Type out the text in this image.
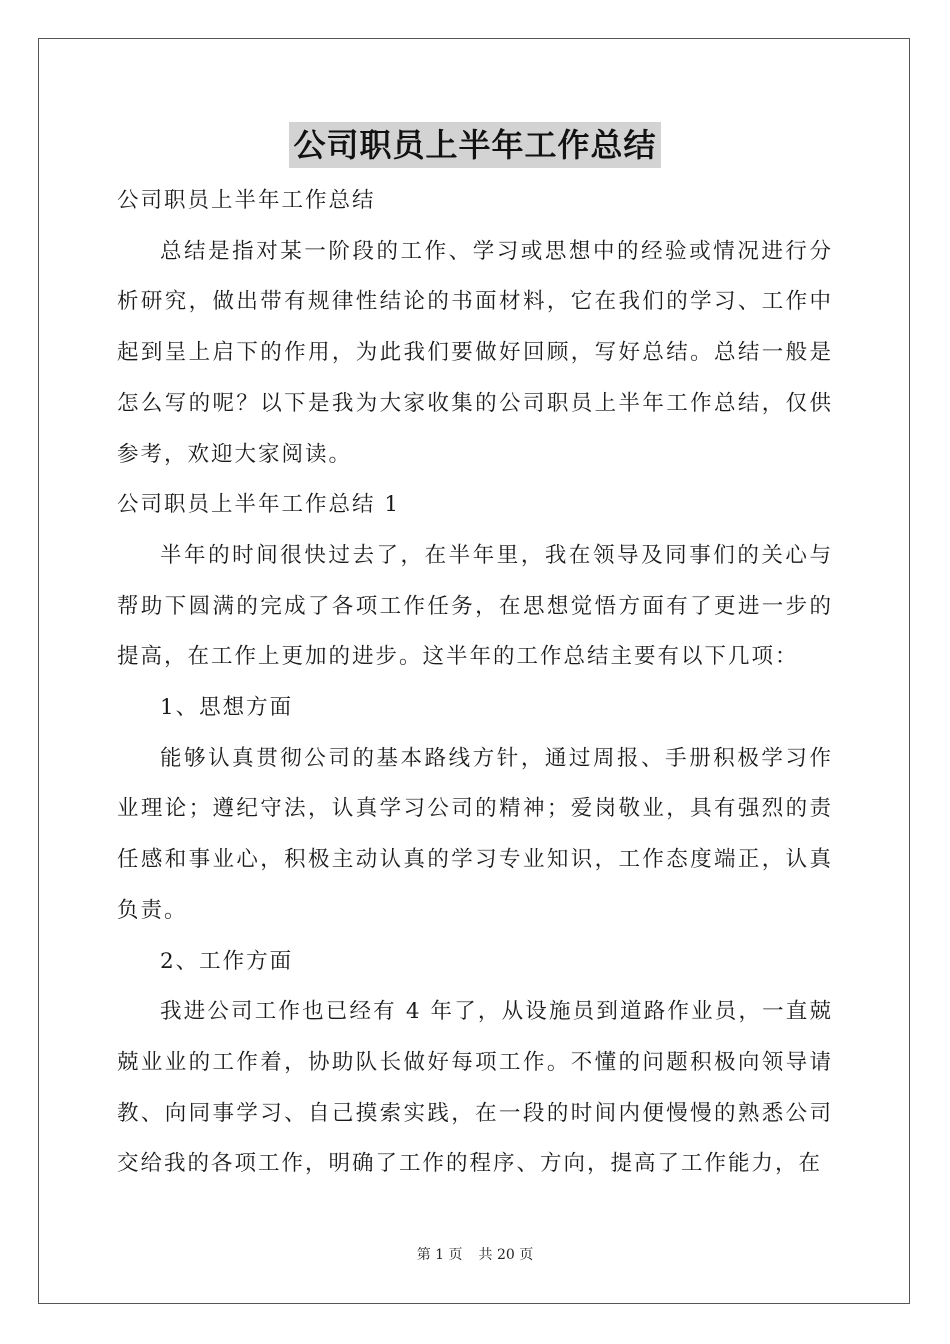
公司职员上半年工作总结

公司职员上半年工作总结

总结是指对某一阶段的工作、学习或思想中的经验或情况进行分析研究，做出带有规律性结论的书面材料，它在我们的学习、工作中起到呈上启下的作用，为此我们要做好回顾，写好总结。总结一般是怎么写的呢？以下是我为大家收集的公司职员上半年工作总结，仅供参考，欢迎大家阅读。

公司职员上半年工作总结 1

半年的时间很快过去了，在半年里，我在领导及同事们的关心与帮助下圆满的完成了各项工作任务，在思想觉悟方面有了更进一步的提高，在工作上更加的进步。这半年的工作总结主要有以下几项：

1、思想方面

能够认真贯彻公司的基本路线方针，通过周报、手册积极学习作业理论；遵纪守法，认真学习公司的精神；爱岗敬业，具有强烈的责任感和事业心，积极主动认真的学习专业知识，工作态度端正，认真负责。

2、工作方面

我进公司工作也已经有 4 年了，从设施员到道路作业员，一直兢兢业业的工作着，协助队长做好每项工作。不懂的问题积极向领导请教、向同事学习、自己摸索实践，在一段的时间内便慢慢的熟悉公司交给我的各项工作，明确了工作的程序、方向，提高了工作能力，在

第 1 页 共 20 页
